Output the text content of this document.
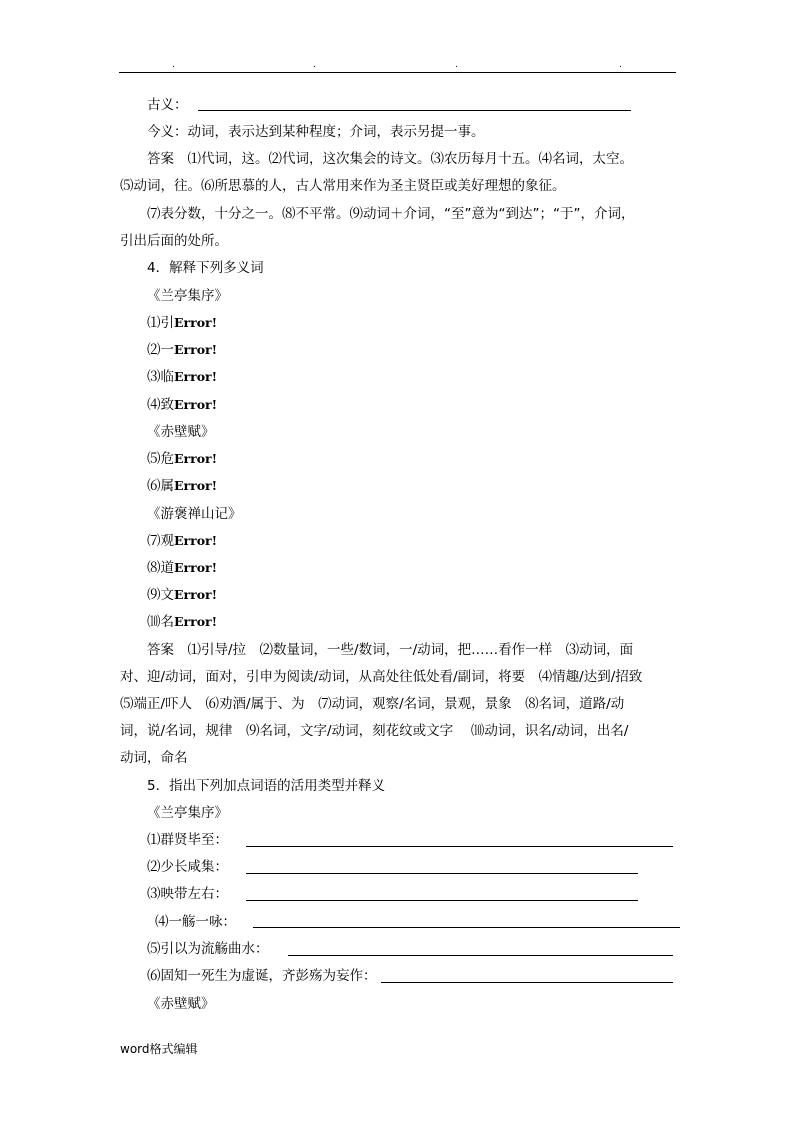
.	.	.	.
古义：
今义：动词，表示达到某种程度；介词，表示另提一事。
答案　⑴代词，这。⑵代词，这次集会的诗文。⑶农历每月十五。⑷名词，太空。
⑸动词，往。⑹所思慕的人，古人常用来作为圣主贤臣或美好理想的象征。
⑺表分数，十分之一。⑻不平常。⑼动词＋介词，“至”意为“到达”；“于”，介词，
引出后面的处所。
4．解释下列多义词
《兰亭集序》
⑴引Error!
⑵一Error!
⑶临Error!
⑷致Error!
《赤壁赋》
⑸危Error!
⑹属Error!
《游褒禅山记》
⑺观Error!
⑻道Error!
⑼文Error!
⑽名Error!
答案　⑴引导/拉　⑵数量词，一些/数词，一/动词，把……看作一样　⑶动词，面
对、迎/动词，面对，引申为阅读/动词，从高处往低处看/副词，将要　⑷情趣/达到/招致
⑸端正/吓人　⑹劝酒/属于、为　⑺动词，观察/名词，景观，景象　⑻名词，道路/动
词，说/名词，规律　⑼名词，文字/动词，刻花纹或文字　 ⑽动词，识名/动词，出名/
动词，命名
5．指出下列加点词语的活用类型并释义
《兰亭集序》
⑴群贤毕至：
⑵少长咸集：
⑶映带左右：
⑷一觞一咏：
⑸引以为流觞曲水：
⑹固知一死生为虚诞，齐彭殇为妄作：
《赤壁赋》
word格式编辑
